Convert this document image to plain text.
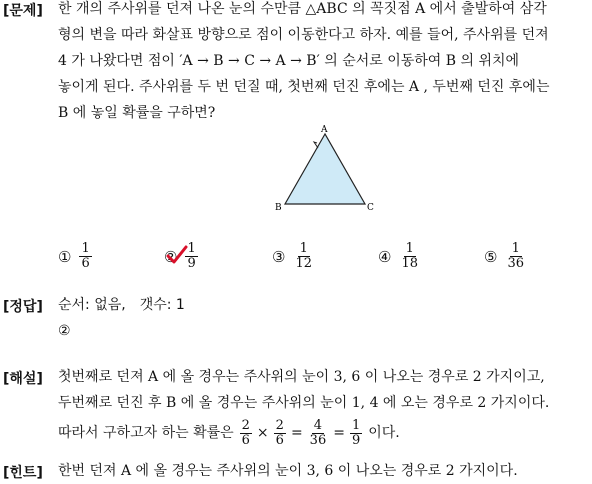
[문제] 한 개의 주사위를 던져 나온 눈의 수만큼 △ABC 의 꼭짓점 A 에서 출발하여 삼각
형의 변을 따라 화살표 방향으로 점이 이동한다고 하자. 예를 들어, 주사위를 던져
4 가 나왔다면 점이 ′A → B → C → A → B′ 의 순서로 이동하여 B 의 위치에
놓이게 된다. 주사위를 두 번 던질 때, 첫번째 던진 후에는 A , 두번째 던진 후에는
B 에 놓일 확률을 구하면?
A
B	C
① $\frac{1}{6}$	② $\frac{1}{9}$	③ $\frac{1}{12}$	④ $\frac{1}{18}$	⑤ $\frac{1}{36}$
[정답] 순서: 없음,　갯수: 1
②
[해설] 첫번째로 던져 A 에 올 경우는 주사위의 눈이 3, 6 이 나오는 경우로 2 가지이고,
두번째로 던진 후 B 에 올 경우는 주사위의 눈이 1, 4 에 오는 경우로 2 가지이다.
따라서 구하고자 하는 확률은 $\frac{2}{6} \times \frac{2}{6} = \frac{4}{36} = \frac{1}{9}$ 이다.
[힌트] 한번 던져 A 에 올 경우는 주사위의 눈이 3, 6 이 나오는 경우로 2 가지이다.
